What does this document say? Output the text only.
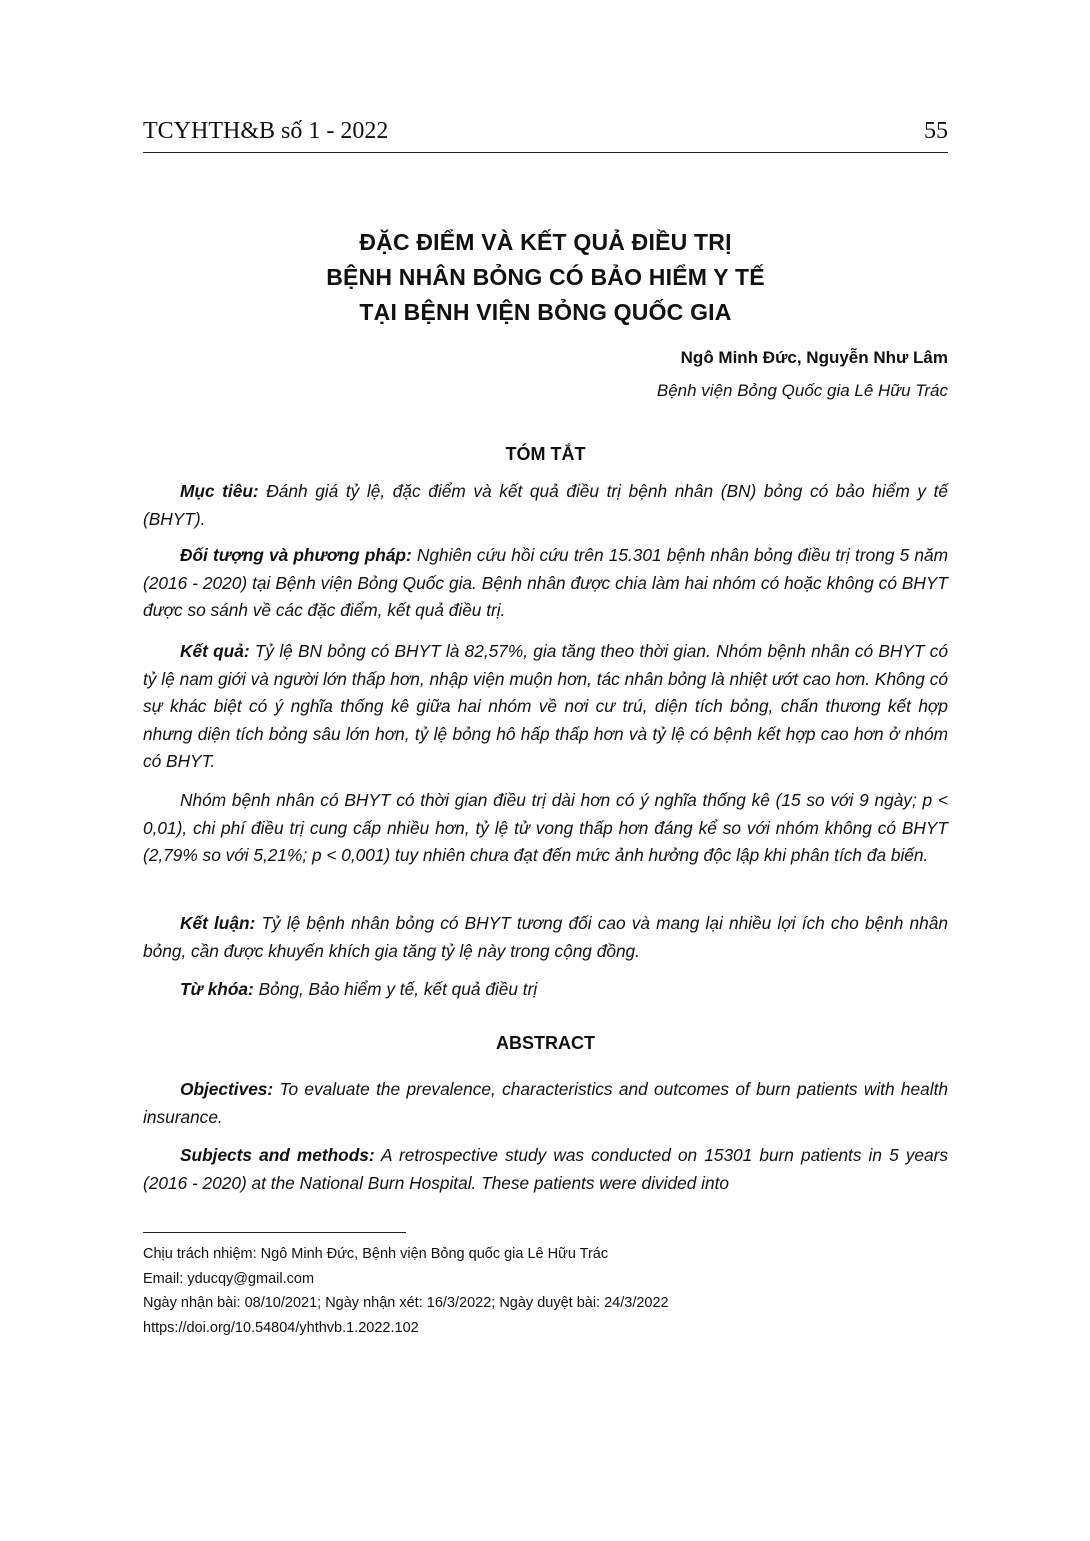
TCYHTH&B số 1 - 2022	55
ĐẶC ĐIỂM VÀ KẾT QUẢ ĐIỀU TRỊ
BỆNH NHÂN BỎNG CÓ BẢO HIỂM Y TẾ
TẠI BỆNH VIỆN BỎNG QUỐC GIA
Ngô Minh Đức, Nguyễn Như Lâm
Bệnh viện Bỏng Quốc gia Lê Hữu Trác
TÓM TẮT
Mục tiêu: Đánh giá tỷ lệ, đặc điểm và kết quả điều trị bệnh nhân (BN) bỏng có bảo hiểm y tế (BHYT).
Đối tượng và phương pháp: Nghiên cứu hồi cứu trên 15.301 bệnh nhân bỏng điều trị trong 5 năm (2016 - 2020) tại Bệnh viện Bỏng Quốc gia. Bệnh nhân được chia làm hai nhóm có hoặc không có BHYT được so sánh về các đặc điểm, kết quả điều trị.
Kết quả: Tỷ lệ BN bỏng có BHYT là 82,57%, gia tăng theo thời gian. Nhóm bệnh nhân có BHYT có tỷ lệ nam giới và người lớn thấp hơn, nhập viện muộn hơn, tác nhân bỏng là nhiệt ướt cao hơn. Không có sự khác biệt có ý nghĩa thống kê giữa hai nhóm về nơi cư trú, diện tích bỏng, chấn thương kết hợp nhưng diện tích bỏng sâu lớn hơn, tỷ lệ bỏng hô hấp thấp hơn và tỷ lệ có bệnh kết hợp cao hơn ở nhóm có BHYT.
Nhóm bệnh nhân có BHYT có thời gian điều trị dài hơn có ý nghĩa thống kê (15 so với 9 ngày; p < 0,01), chi phí điều trị cung cấp nhiều hơn, tỷ lệ tử vong thấp hơn đáng kể so với nhóm không có BHYT (2,79% so với 5,21%; p < 0,001) tuy nhiên chưa đạt đến mức ảnh hưởng độc lập khi phân tích đa biến.
Kết luận: Tỷ lệ bệnh nhân bỏng có BHYT tương đối cao và mang lại nhiều lợi ích cho bệnh nhân bỏng, cần được khuyến khích gia tăng tỷ lệ này trong cộng đồng.
Từ khóa: Bỏng, Bảo hiểm y tế, kết quả điều trị
ABSTRACT
Objectives: To evaluate the prevalence, characteristics and outcomes of burn patients with health insurance.
Subjects and methods: A retrospective study was conducted on 15301 burn patients in 5 years (2016 - 2020) at the National Burn Hospital. These patients were divided into
Chịu trách nhiệm: Ngô Minh Đức, Bệnh viện Bỏng quốc gia Lê Hữu Trác
Email: yducqy@gmail.com
Ngày nhận bài: 08/10/2021; Ngày nhận xét: 16/3/2022; Ngày duyệt bài: 24/3/2022
https://doi.org/10.54804/yhthvb.1.2022.102
